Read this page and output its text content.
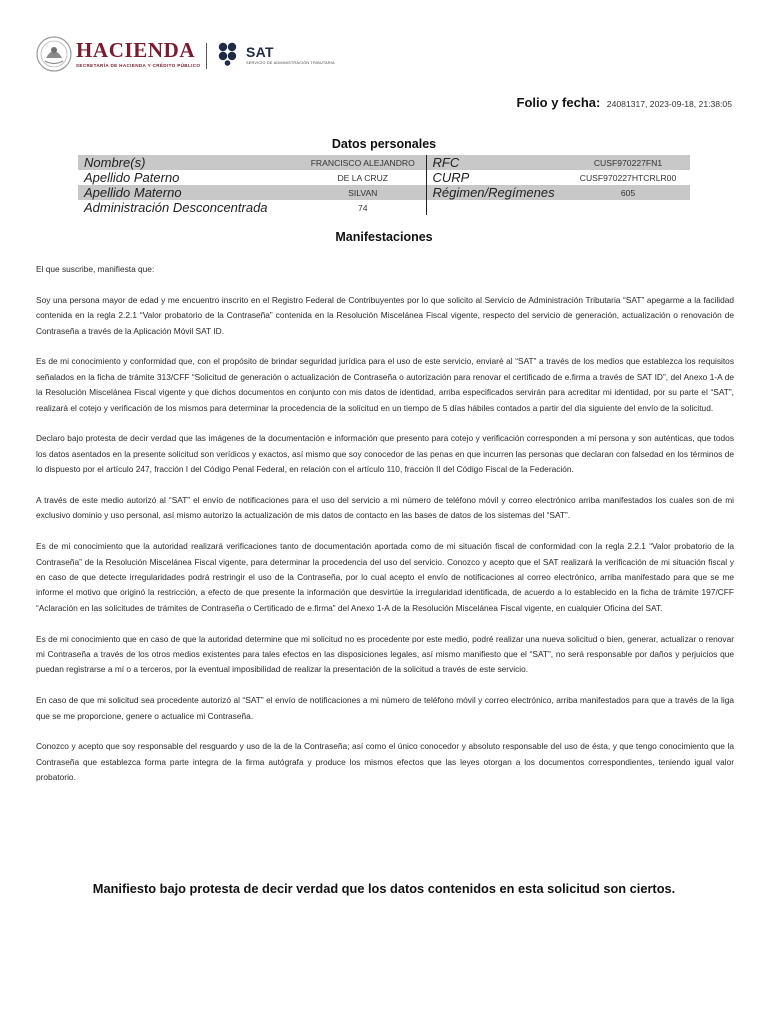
HACIENDA
SECRETARÍA DE HACIENDA Y CRÉDITO PÚBLICO
SAT
SERVICIO DE ADMINISTRACIÓN TRIBUTARIA
Folio y fecha: 24081317, 2023-09-18, 21:38:05
Datos personales
Nombre(s)	FRANCISCO ALEJANDRO	RFC	CUSF970227FN1
Apellido Paterno	DE LA CRUZ	CURP	CUSF970227HTCRLR00
Apellido Materno	SILVAN	Régimen/Regímenes	605
Administración Desconcentrada	74		
Manifestaciones

El que suscribe, manifiesta que:

Soy una persona mayor de edad y me encuentro inscrito en el Registro Federal de Contribuyentes por lo que solicito al Servicio de Administración Tributaria “SAT” apegarme a la facilidad contenida en la regla 2.2.1 “Valor probatorio de la Contraseña” contenida en la Resolución Miscelánea Fiscal vigente, respecto del servicio de generación, actualización o renovación de Contraseña a través de la Aplicación Móvil SAT ID.

Es de mi conocimiento y conformidad que, con el propósito de brindar seguridad jurídica para el uso de este servicio, enviaré al “SAT” a través de los medios que establezca los requisitos señalados en la ficha de trámite 313/CFF “Solicitud de generación o actualización de Contraseña o autorización para renovar el certificado de e.firma a través de SAT ID”, del Anexo 1-A de la Resolución Miscelánea Fiscal vigente y que dichos documentos en conjunto con mis datos de identidad, arriba especificados servirán para acreditar mi identidad, por su parte el “SAT”, realizará el cotejo y verificación de los mismos para determinar la procedencia de la solicitud en un tiempo de 5 días hábiles contados a partir del día siguiente del envío de la solicitud.

Declaro bajo protesta de decir verdad que las imágenes de la documentación e información que presento para cotejo y verificación corresponden a mi persona y son auténticas, que todos los datos asentados en la presente solicitud son verídicos y exactos, así mismo que soy conocedor de las penas en que incurren las personas que declaran con falsedad en los términos de lo dispuesto por el artículo 247, fracción I del Código Penal Federal, en relación con el artículo 110, fracción II del Código Fiscal de la Federación.

A través de este medio autorizó al “SAT” el envío de notificaciones para el uso del servicio a mi número de teléfono móvil y correo electrónico arriba manifestados los cuales son de mi exclusivo dominio y uso personal, así mismo autorizo la actualización de mis datos de contacto en las bases de datos de los sistemas del “SAT”.

Es de mi conocimiento que la autoridad realizará verificaciones tanto de documentación aportada como de mi situación fiscal de conformidad con la regla 2.2.1 “Valor probatorio de la Contraseña” de la Resolución Miscelánea Fiscal vigente, para determinar la procedencia del uso del servicio. Conozco y acepto que el SAT realizará la verificación de mi situación fiscal y en caso de que detecte irregularidades podrá restringir el uso de la Contraseña, por lo cual acepto el envío de notificaciones al correo electrónico, arriba manifestado para que se me informe el motivo que originó la restricción, a efecto de que presente la información que desvirtúe la irregularidad identificada, de acuerdo a lo establecido en la ficha de trámite 197/CFF “Aclaración en las solicitudes de trámites de Contraseña o Certificado de e.firma” del Anexo 1-A de la Resolución Miscelánea Fiscal vigente, en cualquier Oficina del SAT.

Es de mi conocimiento que en caso de que la autoridad determine que mi solicitud no es procedente por este medio, podré realizar una nueva solicitud o bien, generar, actualizar o renovar mi Contraseña a través de los otros medios existentes para tales efectos en las disposiciones legales, así mismo manifiesto que el “SAT”, no será responsable por daños y perjuicios que puedan registrarse a mí o a terceros, por la eventual imposibilidad de realizar la presentación de la solicitud a través de este servicio.

En caso de que mi solicitud sea procedente autorizó al “SAT” el envío de notificaciones a mi número de teléfono móvil y correo electrónico, arriba manifestados para que a través de la liga que se me proporcione, genere o actualice mi Contraseña.

Conozco y acepto que soy responsable del resguardo y uso de la de la Contraseña; así como el único conocedor y absoluto responsable del uso de ésta, y que tengo conocimiento que la Contraseña que establezca forma parte integra de la firma autógrafa y produce los mismos efectos que las leyes otorgan a los documentos correspondientes, teniendo igual valor probatorio.

Manifiesto bajo protesta de decir verdad que los datos contenidos en esta solicitud son ciertos.
